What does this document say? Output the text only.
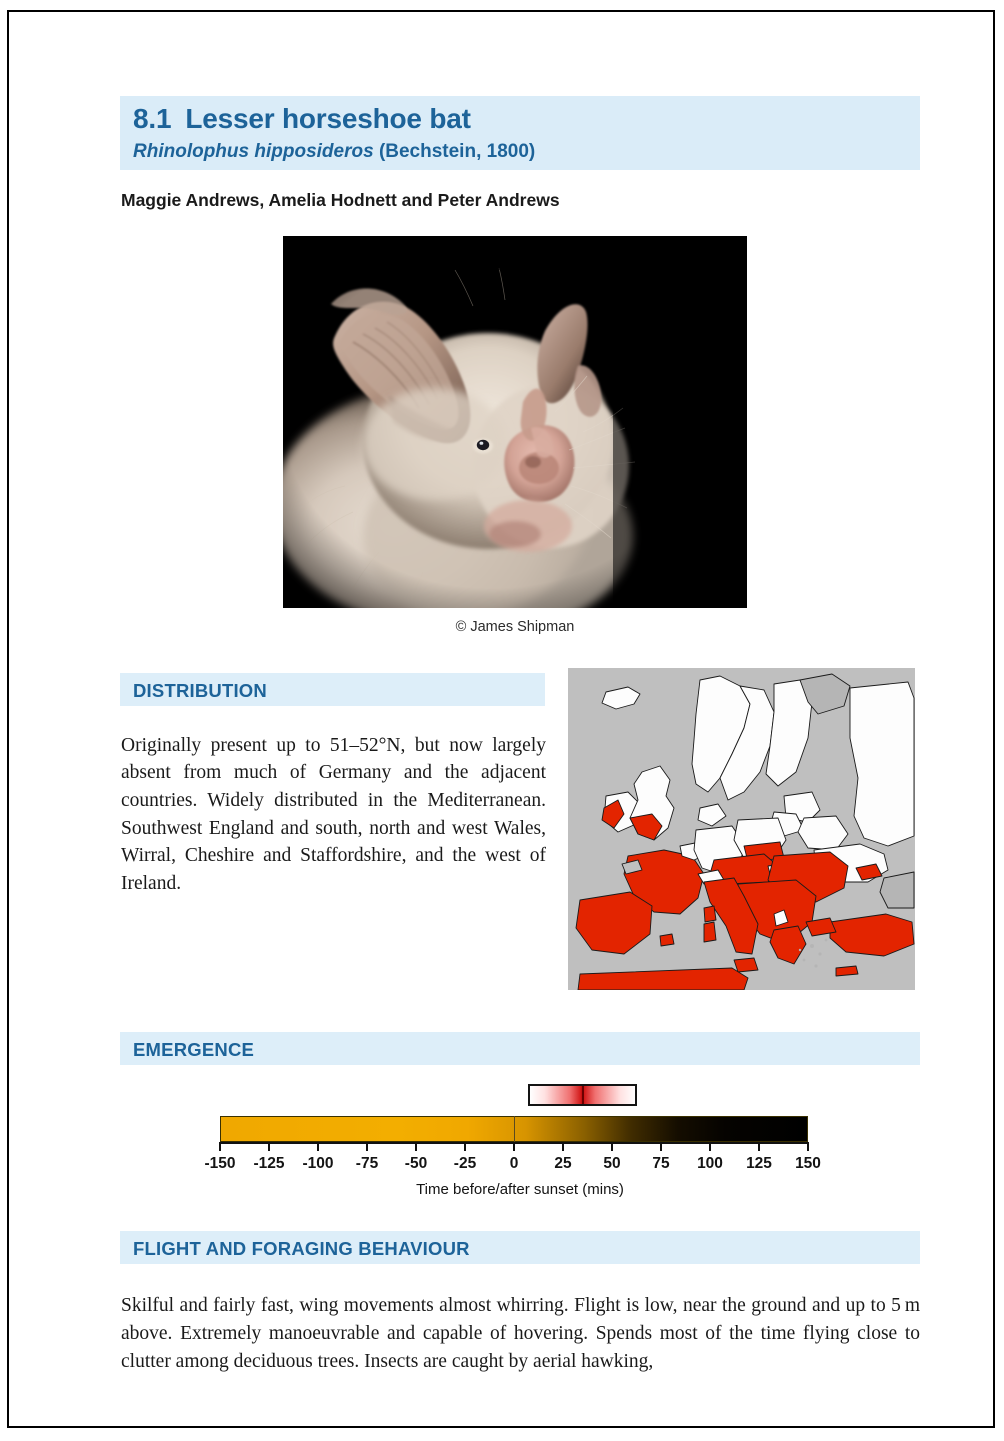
8.1 Lesser horseshoe bat
Rhinolophus hipposideros (Bechstein, 1800)
Maggie Andrews, Amelia Hodnett and Peter Andrews
© James Shipman
DISTRIBUTION

Originally present up to 51–52°N, but now largely absent from much of Germany and the adjacent countries. Widely distributed in the Mediterranean. Southwest England and south, north and west Wales, Wirral, Cheshire and Staffordshire, and the west of Ireland.

EMERGENCE
-150 -125 -100 -75 -50 -25 0 25 50 75 100 125 150
Time before/after sunset (mins)
FLIGHT AND FORAGING BEHAVIOUR

Skilful and fairly fast, wing movements almost whirring. Flight is low, near the ground and up to 5 m above. Extremely manoeuvrable and capable of hovering. Spends most of the time flying close to clutter among deciduous trees. Insects are caught by aerial hawking,
